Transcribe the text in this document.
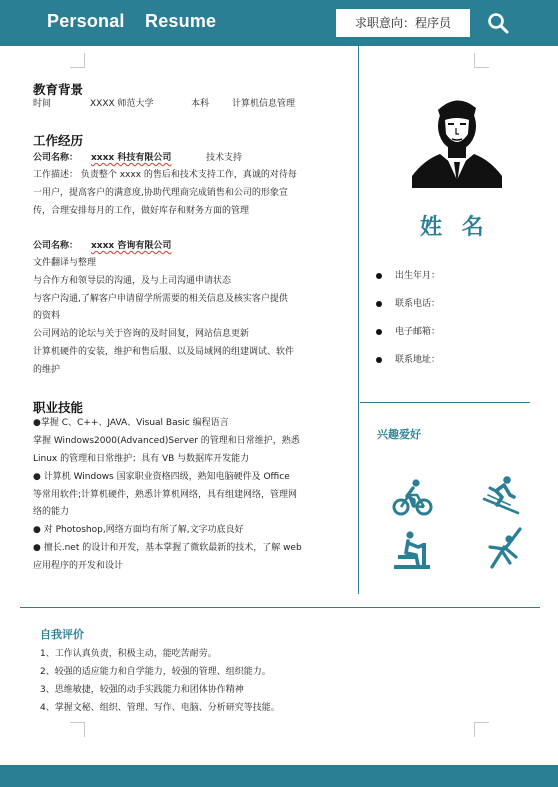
Personal Resume	求职意向：程序员
教育背景
时间	XXXX 师范大学	本科	计算机信息管理
工作经历
公司名称： xxxx 科技有限公司	技术支持
工作描述： 负责整个 xxxx 的售后和技术支持工作，真诚的对待每
一用户，提高客户的满意度,协助代理商完成销售和公司的形象宣
传，合理安排每月的工作，做好库存和财务方面的管理
公司名称： xxxx 咨询有限公司
文件翻译与整理
与合作方和领导层的沟通，及与上司沟通申请状态
与客户沟通,了解客户申请留学所需要的相关信息及核实客户提供
的资料
公司网站的论坛与关于咨询的及时回复，网站信息更新
计算机硬件的安装，维护和售后服、以及局域网的组建调试、软件
的维护
职业技能
●掌握 C、C++、JAVA、Visual Basic 编程语言
掌握 Windows2000(Advanced)Server 的管理和日常维护，熟悉
Linux 的管理和日常维护；具有 VB 与数据库开发能力
● 计算机 Windows 国家职业资格四级，熟知电脑硬件及 Office
等常用软件;计算机硬件，熟悉计算机网络，具有组建网络，管理网
络的能力
● 对 Photoshop,网络方面均有所了解,文字功底良好
● 擅长.net 的设计和开发，基本掌握了微软最新的技术，了解 web
应用程序的开发和设计
姓 名
出生年月：
联系电话：
电子邮箱：
联系地址：
兴趣爱好
自我评价
1、工作认真负责，积极主动，能吃苦耐劳。
2、较强的适应能力和自学能力，较强的管理、组织能力。
3、思维敏捷，较强的动手实践能力和团体协作精神
4、掌握文秘、组织、管理、写作、电脑、分析研究等技能。
